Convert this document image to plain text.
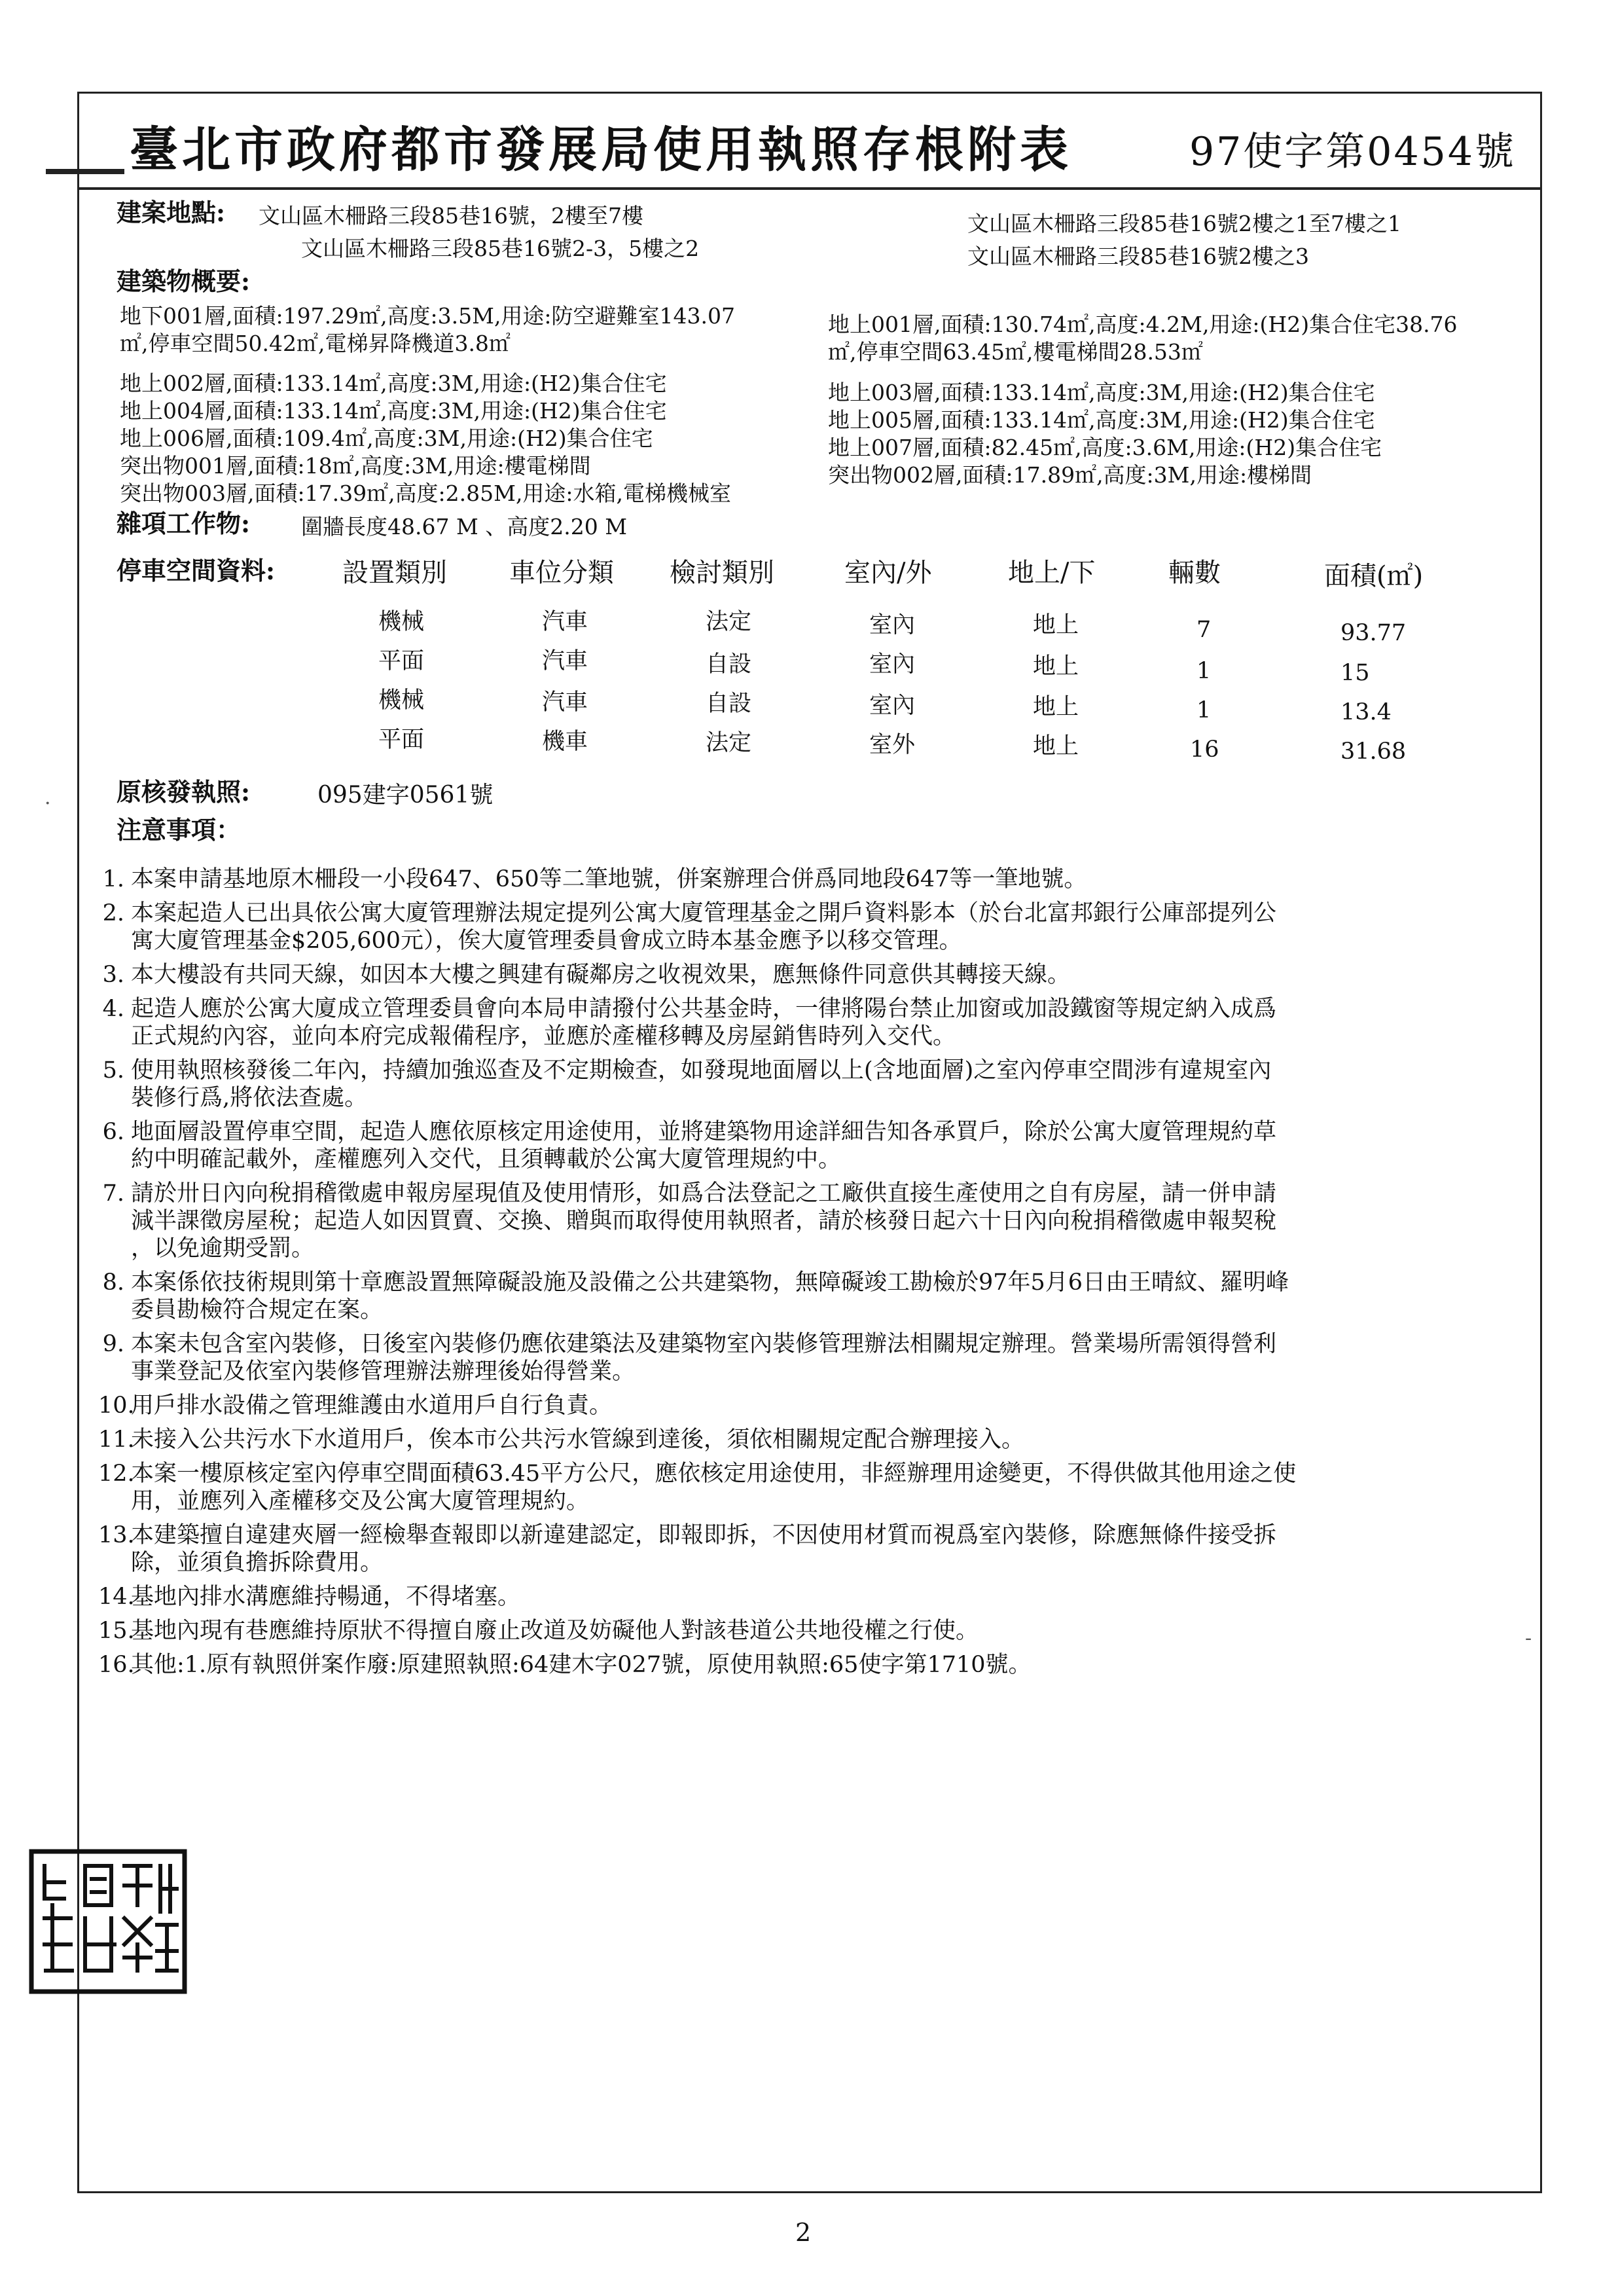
臺北市政府都市發展局使用執照存根附表	97使字第0454號
建案地點: 文山區木柵路三段85巷16號，2樓至7樓
文山區木柵路三段85巷16號2-3，5樓之2
文山區木柵路三段85巷16號2樓之1至7樓之1
文山區木柵路三段85巷16號2樓之3
建築物概要:
地下001層,面積:197.29㎡,高度:3.5M,用途:防空避難室143.07
㎡,停車空間50.42㎡,電梯昇降機道3.8㎡
地上002層,面積:133.14㎡,高度:3M,用途:(H2)集合住宅
地上004層,面積:133.14㎡,高度:3M,用途:(H2)集合住宅
地上006層,面積:109.4㎡,高度:3M,用途:(H2)集合住宅
突出物001層,面積:18㎡,高度:3M,用途:樓電梯間
突出物003層,面積:17.39㎡,高度:2.85M,用途:水箱,電梯機械室
地上001層,面積:130.74㎡,高度:4.2M,用途:(H2)集合住宅38.76
㎡,停車空間63.45㎡,樓電梯間28.53㎡
地上003層,面積:133.14㎡,高度:3M,用途:(H2)集合住宅
地上005層,面積:133.14㎡,高度:3M,用途:(H2)集合住宅
地上007層,面積:82.45㎡,高度:3.6M,用途:(H2)集合住宅
突出物002層,面積:17.89㎡,高度:3M,用途:樓梯間
雜項工作物: 圍牆長度48.67 M 、高度2.20 M
停車空間資料:	設置類別 車位分類 檢討類別	室內/外	地上/下	輛數	面積(㎡)
機械	汽車	法定	室內	地上	7	93.77
平面	汽車	自設	室內	地上	1	15
機械	汽車	自設	室內	地上	1	13.4
平面	機車	法定	室外	地上	16	31.68
原核發執照:	095建字0561號
注意事項：
1. 本案申請基地原木柵段一小段647、650等二筆地號，併案辦理合併爲同地段647等一筆地號。
2. 本案起造人已出具依公寓大廈管理辦法規定提列公寓大廈管理基金之開戶資料影本（於台北富邦銀行公庫部提列公
寓大廈管理基金$205,600元），俟大廈管理委員會成立時本基金應予以移交管理。
3. 本大樓設有共同天線，如因本大樓之興建有礙鄰房之收視效果，應無條件同意供其轉接天線。
4. 起造人應於公寓大廈成立管理委員會向本局申請撥付公共基金時，一律將陽台禁止加窗或加設鐵窗等規定納入成爲
正式規約內容，並向本府完成報備程序，並應於產權移轉及房屋銷售時列入交代。
5. 使用執照核發後二年內，持續加強巡查及不定期檢查，如發現地面層以上(含地面層)之室內停車空間涉有違規室內
裝修行爲,將依法查處。
6. 地面層設置停車空間，起造人應依原核定用途使用，並將建築物用途詳細告知各承買戶，除於公寓大廈管理規約草
約中明確記載外，產權應列入交代，且須轉載於公寓大廈管理規約中。
7. 請於卅日內向稅捐稽徵處申報房屋現值及使用情形，如爲合法登記之工廠供直接生產使用之自有房屋，請一併申請
減半課徵房屋稅；起造人如因買賣、交換、贈與而取得使用執照者，請於核發日起六十日內向稅捐稽徵處申報契稅
，以免逾期受罰。
8. 本案係依技術規則第十章應設置無障礙設施及設備之公共建築物，無障礙竣工勘檢於97年5月6日由王晴紋、羅明峰
委員勘檢符合規定在案。
9. 本案未包含室內裝修，日後室內裝修仍應依建築法及建築物室內裝修管理辦法相關規定辦理。營業場所需領得營利
事業登記及依室內裝修管理辦法辦理後始得營業。
10.
用戶排水設備之管理維護由水道用戶自行負責。
11.
未接入公共污水下水道用戶，俟本市公共污水管線到達後，須依相關規定配合辦理接入。
12.
本案一樓原核定室內停車空間面積63.45平方公尺，應依核定用途使用，非經辦理用途變更，不得供做其他用途之使
用，並應列入產權移交及公寓大廈管理規約。
13.
本建築擅自違建夾層一經檢舉查報即以新違建認定，即報即拆，不因使用材質而視爲室內裝修，除應無條件接受拆
除，並須負擔拆除費用。
14.
基地內排水溝應維持暢通，不得堵塞。
15.
基地內現有巷應維持原狀不得擅自廢止改道及妨礙他人對該巷道公共地役權之行使。
16.
其他:1.原有執照併案作廢:原建照執照:64建木字027號，原使用執照:65使字第1710號。
·
-
2
